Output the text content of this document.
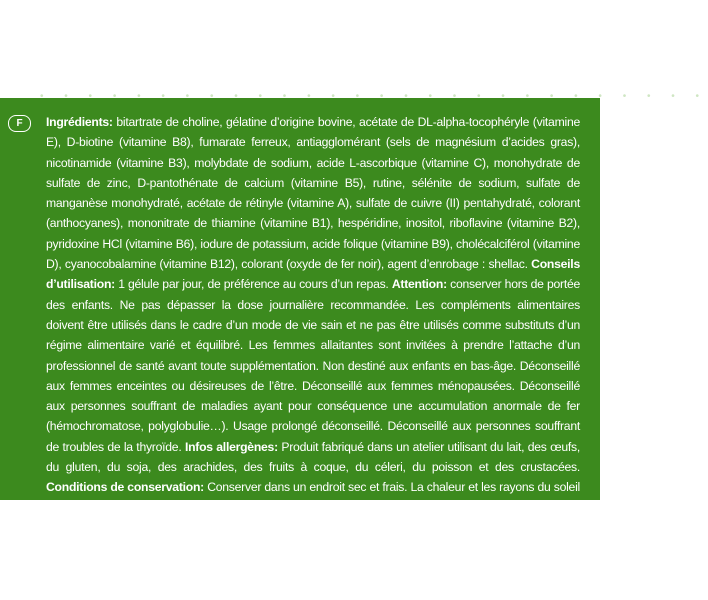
• • • • • • • • • • • • • • • • • • • • • • • • • • • •
F	Ingrédients: bitartrate de choline, gélatine d’origine bovine, acétate de DL-alpha-tocophéryle (vitamine E), D-biotine (vitamine B8), fumarate ferreux, antiagglomérant (sels de magnésium d’acides gras), nicotinamide (vitamine B3), molybdate de sodium, acide L-ascorbique (vitamine C), monohydrate de sulfate de zinc, D-pantothénate de calcium (vitamine B5), rutine, sélénite de sodium, sulfate de manganèse monohydraté, acétate de rétinyle (vitamine A), sulfate de cuivre (II) pentahydraté, colorant (anthocyanes), mononitrate de thiamine (vitamine B1), hespéridine, inositol, riboflavine (vitamine B2), pyridoxine HCl (vitamine B6), iodure de potassium, acide folique (vitamine B9), cholécalciférol (vitamine D), cyanocobalamine (vitamine B12), colorant (oxyde de fer noir), agent d’enrobage : shellac. Conseils d’utilisation: 1 gélule par jour, de préférence au cours d’un repas. Attention: conserver hors de portée des enfants. Ne pas dépasser la dose journalière recommandée. Les compléments alimentaires doivent être utilisés dans le cadre d’un mode de vie sain et ne pas être utilisés comme substituts d’un régime alimentaire varié et équilibré. Les femmes allaitantes sont invitées à prendre l’attache d’un professionnel de santé avant toute supplémentation. Non destiné aux enfants en bas-âge. Déconseillé aux femmes enceintes ou désireuses de l’être. Déconseillé aux femmes ménopausées. Déconseillé aux personnes souffrant de maladies ayant pour conséquence une accumulation anormale de fer (hémochromatose, polyglobulie…). Usage prolongé déconseillé. Déconseillé aux personnes souffrant de troubles de la thyroïde. Infos allergènes: Produit fabriqué dans un atelier utilisant du lait, des œufs, du gluten, du soja, des arachides, des fruits à coque, du céleri, du poisson et des crustacées. Conditions de conservation: Conserver dans un endroit sec et frais. La chaleur et les rayons du soleil risquent d’endommager le flacon. Date de production : voir emballage (JJ/MM/AAAA). A consommer de préférence avant fin: voir emballage (MM/AAAA). Numéro de lot : voir emballage.
